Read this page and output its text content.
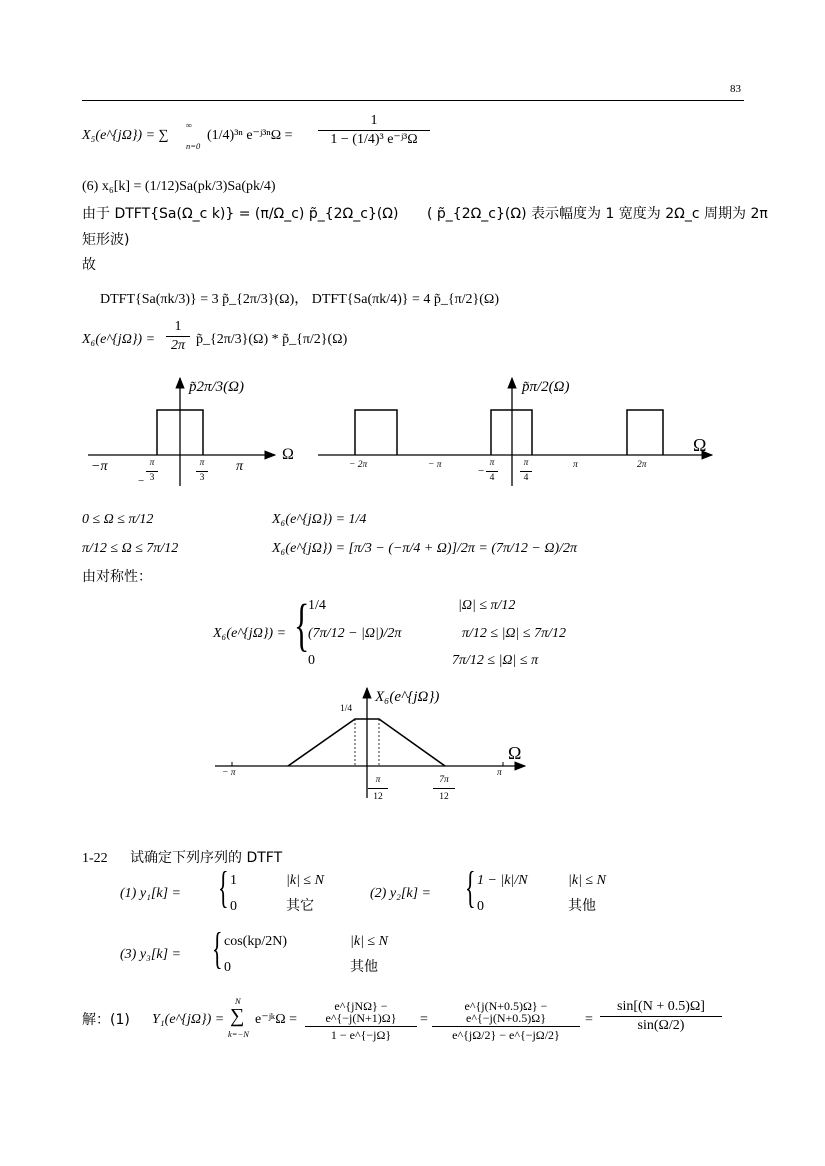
83
X₅(e^{jΩ}) = ∑
∞
n=0
(1/4)³ⁿ e⁻ʲ³ⁿΩ =
1
1 − (1/4)³ e⁻ʲ³Ω
(6) x₆[k] = (1/12)Sa(pk/3)Sa(pk/4)
由于 DTFT{Sa(Ω_c k)} = (π/Ω_c) p̃_{2Ω_c}(Ω) ( p̃_{2Ω_c}(Ω) 表示幅度为 1 宽度为 2Ω_c 周期为 2π
矩形波)
故
DTFT{Sa(πk/3)} = 3 p̃_{2π/3}(Ω)， DTFT{Sa(πk/4)} = 4 p̃_{π/2}(Ω)
X₆(e^{jΩ}) =
1
2π p̃_{2π/3}(Ω) * p̃_{π/2}(Ω)
p̃2π/3(Ω)
Ω
−π	π
−
π
3
π
3
p̃π/2(Ω)
Ω
− 2π	− π	π	2π
−
π
4
π
4
0 ≤ Ω ≤ π/12	X₆(e^{jΩ}) = 1/4
π/12 ≤ Ω ≤ 7π/12	X₆(e^{jΩ}) = [π/3 − (−π/4 + Ω)]/2π = (7π/12 − Ω)/2π
由对称性：
X₆(e^{jΩ}) = {
1/4	|Ω| ≤ π/12
(7π/12 − |Ω|)/2π	π/12 ≤ |Ω| ≤ 7π/12
0	7π/12 ≤ |Ω| ≤ π
X₆(e^{jΩ})
1/4
Ω
− π	π
π
12
7π
12
1-22 试确定下列序列的 DTFT
(1) y₁[k] = { 1	|k| ≤ N
0	其它
(2) y₂[k] = { 1 − |k|/N	|k| ≤ N
0	其他
(3) y₃[k] = { cos(kp/2N)	|k| ≤ N
0	其他
解：(1) Y₁(e^{jΩ}) =
N
∑
k=−N
e⁻ʲᵏΩ =
e^{jNΩ} − e^{−j(N+1)Ω}
1 − e^{−jΩ}
=
e^{j(N+0.5)Ω} − e^{−j(N+0.5)Ω}
e^{jΩ/2} − e^{−jΩ/2}
=
sin[(N + 0.5)Ω]
sin(Ω/2)
